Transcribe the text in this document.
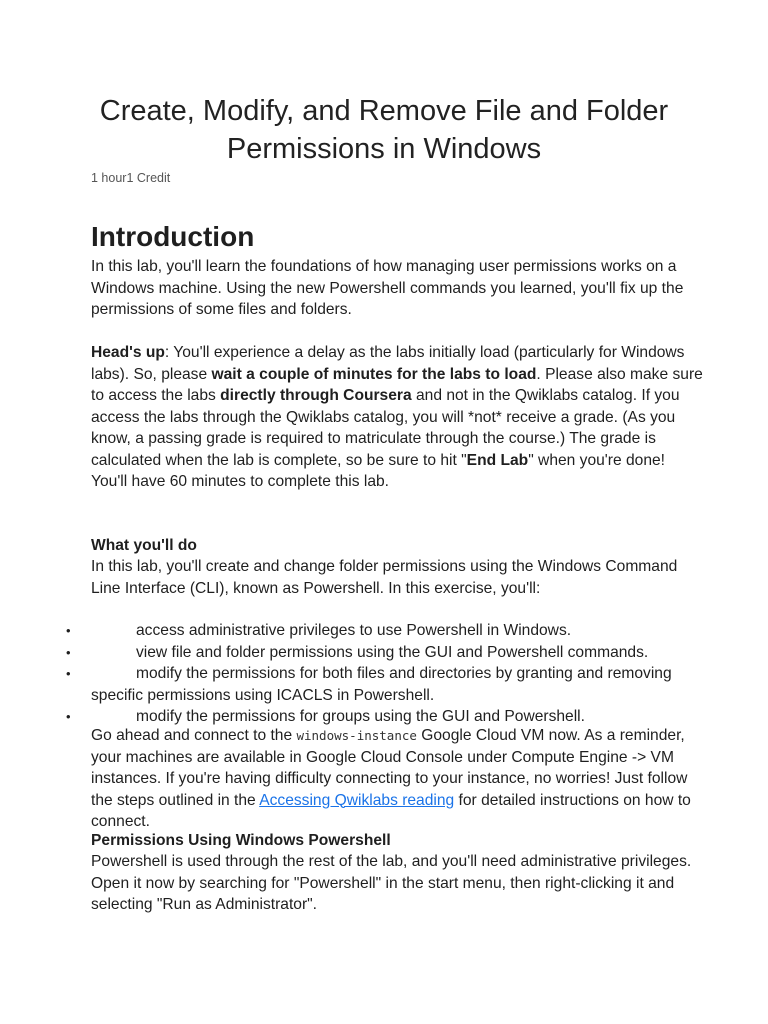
Create, Modify, and Remove File and Folder Permissions in Windows
1 hour1 Credit
Introduction

In this lab, you'll learn the foundations of how managing user permissions works on a Windows machine. Using the new Powershell commands you learned, you'll fix up the permissions of some files and folders.

Head's up: You'll experience a delay as the labs initially load (particularly for Windows labs). So, please wait a couple of minutes for the labs to load. Please also make sure to access the labs directly through Coursera and not in the Qwiklabs catalog. If you access the labs through the Qwiklabs catalog, you will *not* receive a grade. (As you know, a passing grade is required to matriculate through the course.) The grade is calculated when the lab is complete, so be sure to hit "End Lab" when you're done!
You'll have 60 minutes to complete this lab.

What you'll do

In this lab, you'll create and change folder permissions using the Windows Command Line Interface (CLI), known as Powershell. In this exercise, you'll:

•	access administrative privileges to use Powershell in Windows.
•	view file and folder permissions using the GUI and Powershell commands.
•	modify the permissions for both files and directories by granting and removing specific permissions using ICACLS in Powershell.
•	modify the permissions for groups using the GUI and Powershell.

Go ahead and connect to the windows-instance Google Cloud VM now. As a reminder, your machines are available in Google Cloud Console under Compute Engine -> VM instances. If you're having difficulty connecting to your instance, no worries! Just follow the steps outlined in the Accessing Qwiklabs reading for detailed instructions on how to connect.

Permissions Using Windows Powershell

Powershell is used through the rest of the lab, and you'll need administrative privileges. Open it now by searching for "Powershell" in the start menu, then right-clicking it and selecting "Run as Administrator".
